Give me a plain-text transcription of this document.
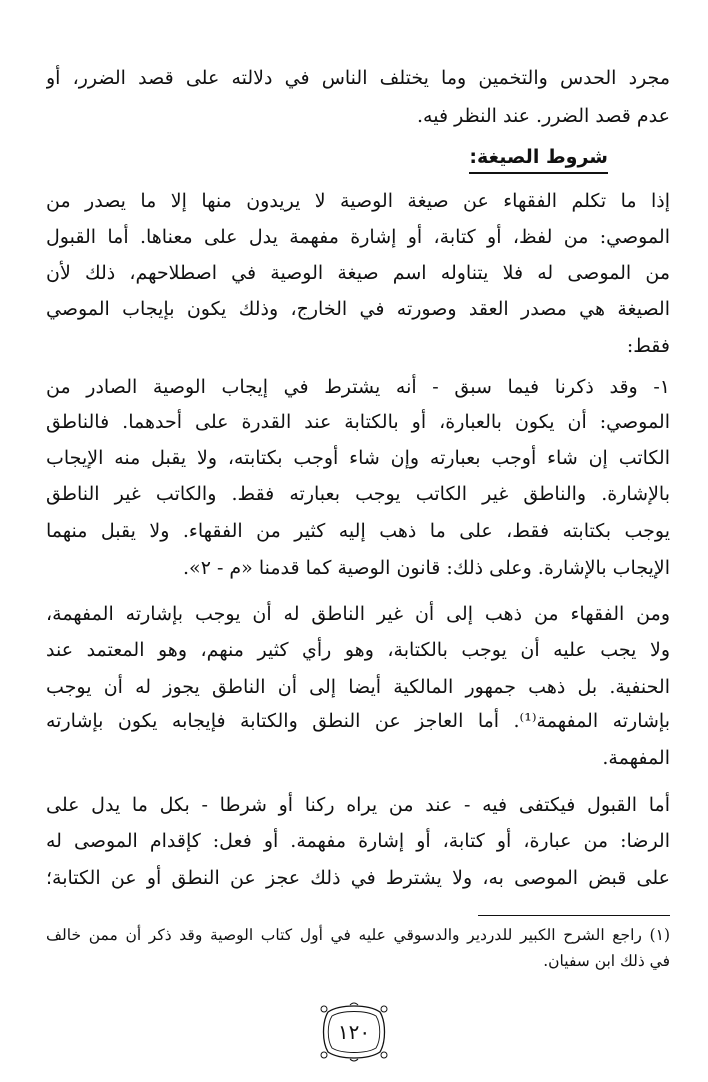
مجرد الحدس والتخمين وما يختلف الناس في دلالته على قصد الضرر، أو
عدم قصد الضرر. عند النظر فيه.
شروط الصيغة:
إذا ما تكلم الفقهاء عن صيغة الوصية لا يريدون منها إلا ما يصدر من
الموصي: من لفظ، أو كتابة، أو إشارة مفهمة يدل على معناها. أما القبول
من الموصى له فلا يتناوله اسم صيغة الوصية في اصطلاحهم، ذلك لأن
الصيغة هي مصدر العقد وصورته في الخارج، وذلك يكون بإيجاب الموصي
فقط:
١- وقد ذكرنا فيما سبق - أنه يشترط في إيجاب الوصية الصادر من
الموصي: أن يكون بالعبارة، أو بالكتابة عند القدرة على أحدهما. فالناطق
الكاتب إن شاء أوجب بعبارته وإن شاء أوجب بكتابته، ولا يقبل منه الإيجاب
بالإشارة. والناطق غير الكاتب يوجب بعبارته فقط. والكاتب غير الناطق
يوجب بكتابته فقط، على ما ذهب إليه كثير من الفقهاء. ولا يقبل منهما
الإيجاب بالإشارة. وعلى ذلك: قانون الوصية كما قدمنا «م - ٢».
ومن الفقهاء من ذهب إلى أن غير الناطق له أن يوجب بإشارته المفهمة،
ولا يجب عليه أن يوجب بالكتابة، وهو رأي كثير منهم، وهو المعتمد عند
الحنفية. بل ذهب جمهور المالكية أيضا إلى أن الناطق يجوز له أن يوجب
بإشارته المفهمة⁽¹⁾. أما العاجز عن النطق والكتابة فإيجابه يكون بإشارته
المفهمة.
أما القبول فيكتفى فيه - عند من يراه ركنا أو شرطا - بكل ما يدل على
الرضا: من عبارة، أو كتابة، أو إشارة مفهمة. أو فعل: كإقدام الموصى له
على قبض الموصى به، ولا يشترط في ذلك عجز عن النطق أو عن الكتابة؛
(١) راجع الشرح الكبير للدردير والدسوقي عليه في أول كتاب الوصية وقد ذكر أن ممن خالف
في ذلك ابن سفيان.
١٢٠
